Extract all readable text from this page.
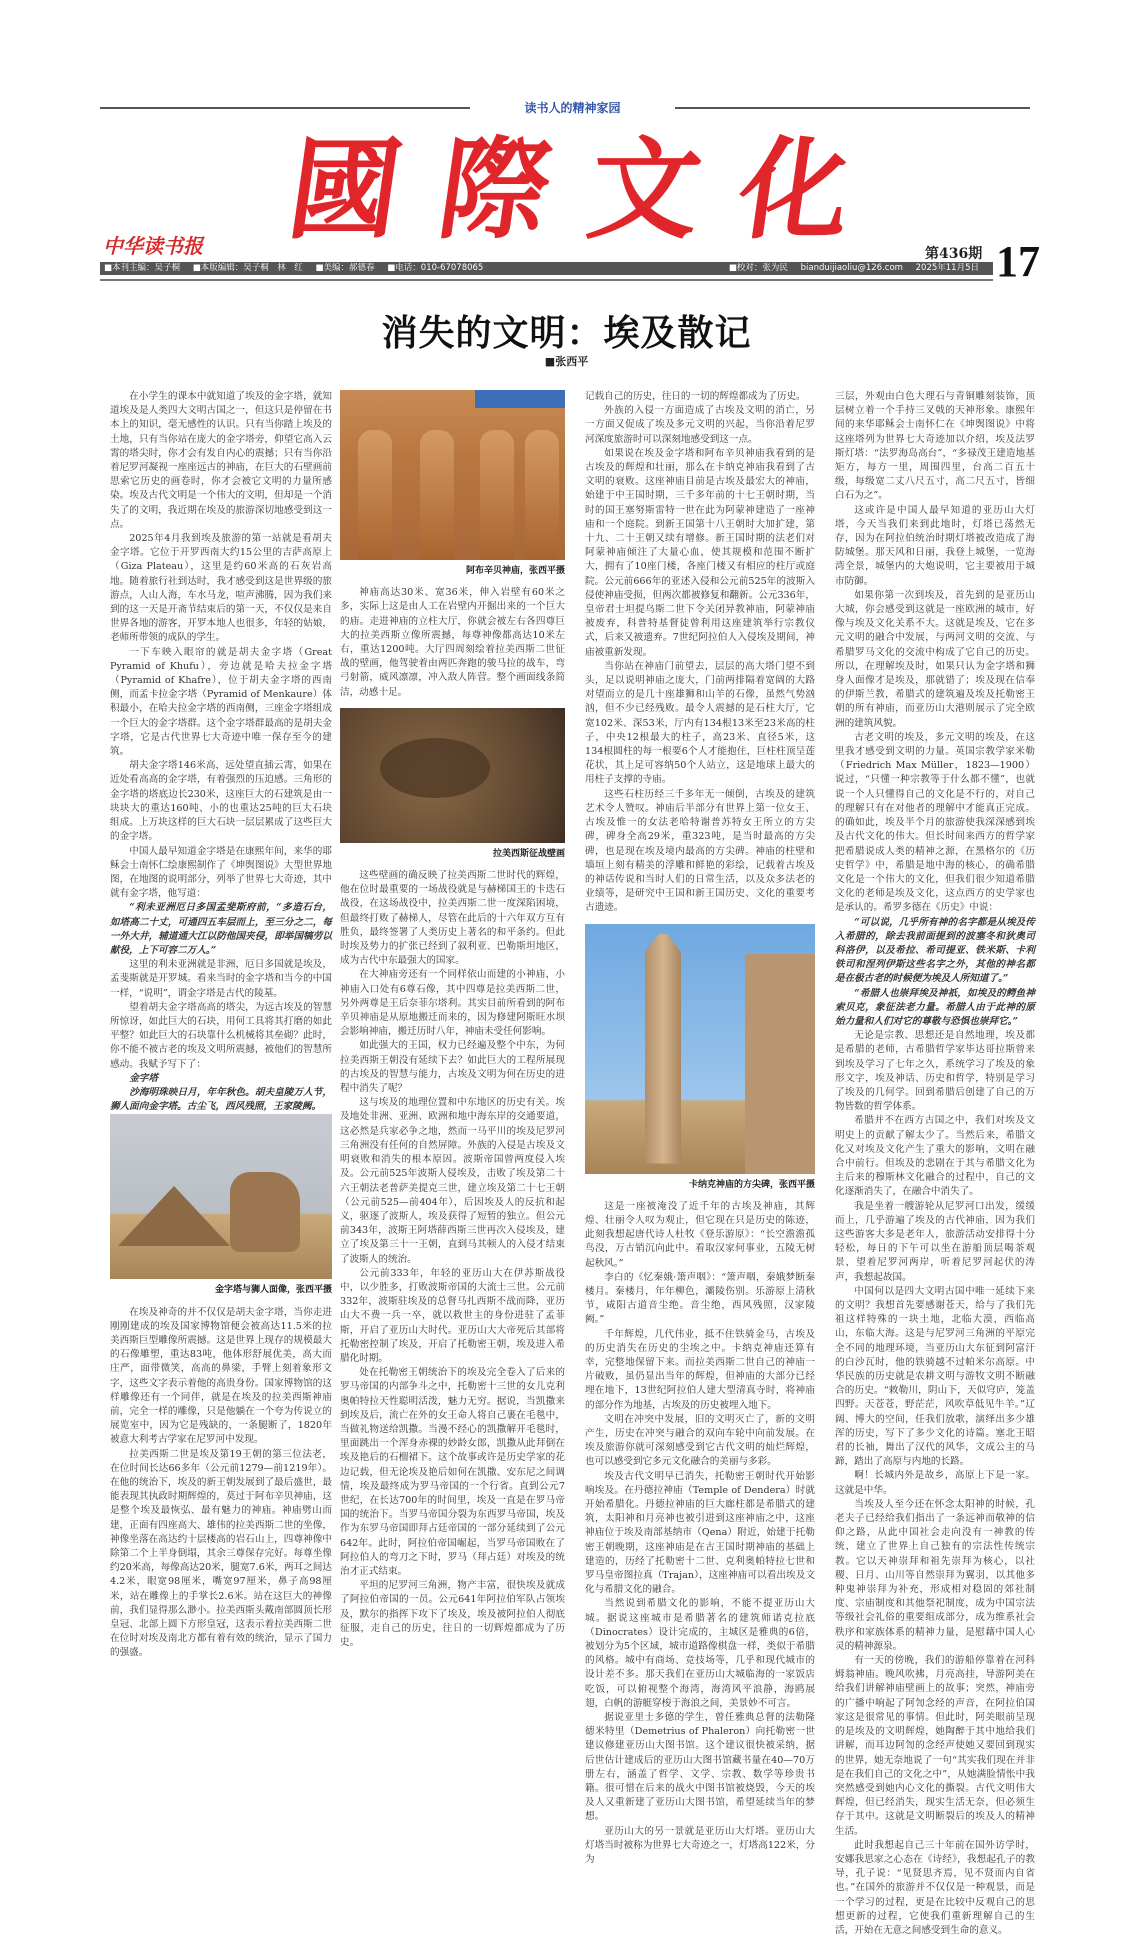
读书人的精神家园
國 際 文 化
中华读书报	第436期 17
■本刊主编：吴子桐 ■本版编辑：吴子桐　林　红 ■美编：郝德春 ■电话：010-67078065	■校对：张为民 bianduijiaoliu@126.com 2025年11月5日
消失的文明：埃及散记
■张西平

在小学生的课本中就知道了埃及的金字塔，就知道埃及是人类四大文明古国之一，但这只是停留在书本上的知识，毫无感性的认识。只有当你踏上埃及的土地，只有当你站在庞大的金字塔旁，仰望它高入云霄的塔尖时，你才会有发自内心的震撼；只有当你沿着尼罗河凝视一座座远古的神庙，在巨大的石壁画前思索它历史的画卷时，你才会被它文明的力量所感染。埃及古代文明是一个伟大的文明，但却是一个消失了的文明，我近期在埃及的旅游深切地感受到这一点。

2025年4月我到埃及旅游的第一站就是看胡夫金字塔。它位于开罗西南大约15公里的吉萨高原上（Giza Plateau），这里是约60米高的石灰岩高地。随着旅行社到达时，我才感受到这是世界级的旅游点，人山人海，车水马龙，喧声沸腾，因为我们来到的这一天是开斋节结束后的第一天，不仅仅是来自世界各地的游客，开罗本地人也很多，年轻的姑娘，老师所带领的成队的学生。

一下车映入眼帘的就是胡夫金字塔（Great Pyramid of Khufu），旁边就是哈夫拉金字塔（Pyramid of Khafre），位于胡夫金字塔的西南侧，而孟卡拉金字塔（Pyramid of Menkaure）体积最小，在哈夫拉金字塔的西南侧，三座金字塔组成一个巨大的金字塔群。这个金字塔群最高的是胡夫金字塔，它是古代世界七大奇迹中唯一保存至今的建筑。

胡夫金字塔146米高，远处望直插云霄，如果在近处看高高的金字塔，有着强烈的压迫感。三角形的金字塔的塔底边长230米，这座巨大的石建筑是由一块块大的重达160吨、小的也重达25吨的巨大石块组成。上万块这样的巨大石块一层层累成了这些巨大的金字塔。

中国人最早知道金字塔是在康熙年间，来华的耶稣会士南怀仁绘康熙制作了《坤舆图说》大型世界地图，在地图的说明部分，列举了世界七大奇迹，其中就有金字塔，他写道：

“利未亚洲厄日多国孟斐斯府前，“多造石台，如塔高二十丈，可通四五车层而上，至三分之二，每一外大井，辅道通大江以防他国夹侵，即举国犒劳以献役，上下可容二万人。”

这里的利未亚洲就是非洲，厄日多国就是埃及，孟斐斯就是开罗城。看来当时的金字塔和当今的中国一样，“说明”，谓金字塔是古代的陵墓。

望着胡夫金字塔高高的塔尖，为远古埃及的智慧所惊讶，如此巨大的石块，用何工具将其打磨的如此平整？如此巨大的石块靠什么机械将其垒砌？此时，你不能不被古老的埃及文明所震撼，被他们的智慧所感动。我赋予写下了：

金字塔

沙海明珠映日月，年年秋色。胡夫皇陵万人节，狮人面向金字塔。古尘飞，西风残照，王家陵阙。

金字塔与狮人面像，张西平摄

在埃及神奇的并不仅仅是胡夫金字塔，当你走进刚刚建成的埃及国家博物馆便会被高达11.5米的拉美西斯巨型雕像所震撼。这是世界上现存的规模最大的石像雕塑，重达83吨，他体形舒展优美，高大而庄严，面带微笑，高高的鼻梁，手臂上刻着象形文字，这些文字表示着他的高贵身份。国家博物馆的这样雕像还有一个同伴，就是在埃及的拉美西斯神庙前，完全一样的雕像，只是他躺在一个夸为传说立的展览室中，因为它是残缺的，一条腿断了，1820年被意大利考古学家在尼罗河中发现。

拉美西斯二世是埃及第19王朝的第三位法老，在位时间长达66多年（公元前1279—前1219年）。在他的统治下，埃及的新王朝发展到了最后盛世，最能表现其执政时期辉煌的，莫过于阿布辛贝神庙，这是整个埃及最恢弘、最有魅力的神庙。神庙劈山而建，正面有四座高大、雄伟的拉美西斯二世的坐像，神像坐落在高达约十层楼高的岩石山上，四尊神像中除第二个上半身倒塌，其余三尊保存完好。每尊坐像约20米高，每像高达20米，腿宽7.6米，两耳之间达4.2米，眼宽98厘米，嘴宽97厘米，鼻子高98厘米，站在雕像上的手掌长2.6米。站在这巨大的神像前，我们显得那么渺小。拉美西斯头戴南部圆顶长形皇冠、北部上圆下方形皇冠，这表示着拉美西斯二世在位时对埃及南北方都有着有效的统治，显示了国力的强盛。

阿布辛贝神庙，张西平摄

神庙高达30米、宽36米，伸入岩壁有60米之多，实际上这是由人工在岩壁内开掘出来的一个巨大的庙。走进神庙的立柱大厅，你就会被左右各四尊巨大的拉美西斯立像所震撼，每尊神像都高达10米左右，重达1200吨。大厅四周刻绘着拉美西斯二世征战的壁画，他驾驶着由两匹奔跑的骏马拉的战车，弯弓射箭，威风凛凛，冲入敌人阵营。整个画面线条简洁，动感十足。

拉美西斯征战壁画

这些壁画的确反映了拉美西斯二世时代的辉煌，他在位时最重要的一场战役就是与赫梯国王的卡迭石战役，在这场战役中，拉美西斯二世一度深陷困境，但最终打败了赫梯人，尽管在此后的十六年双方互有胜负，最终签署了人类历史上著名的和平条约。但此时埃及势力的扩张已经到了叙利亚、巴勒斯坦地区，成为古代中东最强大的国家。

在大神庙旁还有一个同样依山而建的小神庙，小神庙入口处有6尊石像，其中四尊是拉美西斯二世，另外两尊是王后奈菲尔塔利。其实目前所看到的阿布辛贝神庙是从原地搬迁而来的，因为修建阿斯旺水坝会影响神庙，搬迁历时八年，神庙未受任何影响。

如此强大的王国，权力已经遍及整个中东，为何拉美西斯王朝没有延续下去？如此巨大的工程所展现的古埃及的智慧与能力，古埃及文明为何在历史的进程中消失了呢？

这与埃及的地理位置和中东地区的历史有关。埃及地处非洲、亚洲、欧洲和地中海东岸的交通要道，这必然是兵家必争之地，然而一马平川的埃及尼罗河三角洲没有任何的自然屏障。外族的入侵是古埃及文明衰败和消失的根本原因。波斯帝国曾两度侵入埃及。公元前525年波斯人侵埃及，击败了埃及第二十六王朝法老普萨美提克三世，建立埃及第二十七王朝（公元前525—前404年），后因埃及人的反抗和起义，驱逐了波斯人，埃及获得了短暂的独立。但公元前343年，波斯王阿塔薛西斯三世再次入侵埃及，建立了埃及第三十一王朝，直到马其顿人的入侵才结束了波斯人的统治。

公元前333年，年轻的亚历山大在伊苏斯战役中，以少胜多，打败波斯帝国的大流士三世。公元前332年，波斯驻埃及的总督马扎西斯不战而降，亚历山大不费一兵一卒，就以救世主的身份进驻了孟菲斯，开启了亚历山大时代。亚历山大大帝死后其部将托勒密控制了埃及，开启了托勒密王朝，埃及进入希腊化时期。

处在托勒密王朝统治下的埃及完全卷入了后来的罗马帝国的内部争斗之中，托勒密十三世的女儿克利奥帕特拉天性聪明活泼，魅力无穷。据说，当凯撒来到埃及后，流亡在外的女王命人将自己裹在毛毯中，当做礼物送给凯撒。当漫不经心的凯撒解开毛毯时，里面跳出一个浑身赤裸的妙龄女郎，凯撒从此拜倒在埃及艳后的石榴裙下。这个故事或许是历史学家的花边记载，但无论埃及艳后如何在凯撒、安东尼之间调情，埃及最终成为罗马帝国的一个行省。直到公元7世纪，在长达700年的时间里，埃及一直是在罗马帝国的统治下。当罗马帝国分裂为东西罗马帝国，埃及作为东罗马帝国即拜占廷帝国的一部分延续到了公元642年。此时，阿拉伯帝国崛起，当罗马帝国败在了阿拉伯人的弯刀之下时，罗马（拜占廷）对埃及的统治才正式结束。

平坦的尼罗河三角洲，物产丰富，很快埃及就成了阿拉伯帝国的一员。公元641年阿拉伯军队占领埃及，默尔的指挥下攻下了埃及，埃及被阿拉伯人彻底征服，走自己的历史，往日的一切辉煌都成为了历史。

记载自己的历史，往日的一切的辉煌都成为了历史。

外族的入侵一方面造成了古埃及文明的消亡，另一方面又促成了埃及多元文明的兴起，当你沿着尼罗河深度旅游时可以深刻地感受到这一点。

如果说在埃及金字塔和阿布辛贝神庙我看到的是古埃及的辉煌和壮丽，那么在卡纳克神庙我看到了古文明的衰败。这座神庙目前是古埃及最宏大的神庙，始建于中王国时期，三千多年前的十七王朝时期，当时的国王塞努斯雷特一世在此为阿蒙神建造了一座神庙和一个庭院。到新王国第十八王朝时大加扩建，第十九、二十王朝又续有增修。新王国时期的法老们对阿蒙神庙倾注了大量心血，使其规模和范围不断扩大，拥有了10座门楼，各座门楼又有相应的柱厅或庭院。公元前666年的亚述入侵和公元前525年的波斯入侵使神庙受损，但两次都被修复和翻新。公元336年，皇帝君士坦提乌斯二世下令关闭异教神庙，阿蒙神庙被废弃，科普特基督徒曾利用这座建筑举行宗教仪式，后来又被遗弃。7世纪阿拉伯人入侵埃及期间，神庙被重新发现。

当你站在神庙门前望去，层层的高大塔门望不到头，足以说明神庙之庞大，门前两排隔着宽阔的大路对望而立的是几十座雄狮和山羊的石像，虽然气势汹汹，但不少已经残败。最令人震撼的是石柱大厅，它宽102米、深53米，厅内有134根13米至23米高的柱子，中央12根最大的柱子，高23米、直径5米，这134根圆柱的每一根要6个人才能抱住，巨柱柱顶呈莲花状，其上足可容纳50个人站立，这是地球上最大的用柱子支撑的寺庙。

这些石柱历经三千多年无一倾倒，古埃及的建筑艺术令人赞叹。神庙后半部分有世界上第一位女王、古埃及惟一的女法老哈特谢普苏特女王所立的方尖碑，碑身全高29米，重323吨，是当时最高的方尖碑，也是现在埃及境内最高的方尖碑。神庙的柱壁和墙垣上刻有精美的浮雕和鲜艳的彩绘，记载着古埃及的神话传说和当时人们的日常生活，以及众多法老的业绩等，是研究中王国和新王国历史、文化的重要考古遗迹。

卡纳克神庙的方尖碑，张西平摄

这是一座被淹没了近千年的古埃及神庙，其辉煌、壮丽令人叹为观止，但它现在只是历史的陈迹，此刻我想起唐代诗人杜牧《登乐游原》：“长空澹澹孤鸟没，万古销沉向此中。看取汉家何事业，五陵无树起秋风。”

李白的《忆秦娥·箫声咽》：“箫声咽，秦娥梦断秦楼月。秦楼月，年年柳色，灞陵伤别。乐游原上清秋节，咸阳古道音尘绝。音尘绝，西风残照，汉家陵阙。”

千年辉煌，几代伟业，抵不住铁骑金马，古埃及的历史消失在历史的尘埃之中。卡纳克神庙还算有幸，完整地保留下来。而拉美西斯二世自己的神庙一片破败，虽仍显出当年的辉煌，但神庙的大部分已经埋在地下，13世纪阿拉伯人建大型清真寺时，将神庙的部分作为地基，古埃及的历史被埋入地下。

文明在冲突中发展，旧的文明灭亡了，新的文明产生，历史在冲突与融合的双向车轮中向前发展。在埃及旅游你就可深刻感受到它古代文明的灿烂辉煌，也可以感受到它多元文化融合的美丽与多彩。

埃及古代文明早已消失，托勒密王朝时代开始影响埃及。在丹德拉神庙（Temple of Dendera）时就开始希腊化。丹德拉神庙的巨大廊柱都是希腊式的建筑，太阳神和月亮神也被引进到这座神庙之中，这座神庙位于埃及南部基纳市（Qena）附近，始建于托勒密王朝晚期，这座神庙是在古王国时期神庙的基础上建造的，历经了托勒密十二世、克利奥帕特拉七世和罗马皇帝图拉真（Trajan），这座神庙可以看出埃及文化与希腊文化的融合。

当然说到希腊文化的影响，不能不提亚历山大城。据说这座城市是希腊著名的建筑师诺克拉底（Dinocrates）设计完成的，主城区是雅典的6倍，被划分为5个区域，城市道路像棋盘一样，类似于希腊的风格。城中有商场、竞技场等，几乎和现代城市的设计差不多。那天我们在亚历山大城临海的一家饭店吃饭，可以俯视整个海湾，海湾风平浪静，海鸥展翅，白帆的游艇穿梭于海浪之间，美景妙不可言。

据说亚里士多德的学生，曾任雅典总督的法勒隆德米特里（Demetrius of Phaleron）向托勒密一世建议修建亚历山大图书馆。这个建议很快被采纳，据后世估计建成后的亚历山大图书馆藏书量在40—70万册左右，涵盖了哲学、文学、宗教、数学等珍贵书籍。很可惜在后来的战火中图书馆被烧毁，今天的埃及人又重新建了亚历山大图书馆，希望延续当年的梦想。

亚历山大的另一景就是亚历山大灯塔。亚历山大灯塔当时被称为世界七大奇迹之一，灯塔高122米，分为

三层，外观由白色大理石与青铜雕刻装饰，顶层树立着一个手持三叉戟的天神形象。康熙年间的来华耶稣会士南怀仁在《坤舆图说》中将这座塔列为世界七大奇迹加以介绍，埃及法罗斯灯塔：“法罗海岛高台”，“多禄茂王建造地基矩方，每方一里，周围四里，台高二百五十级，每级宽二丈八尺五寸，高二尺五寸，皆细白石为之”。

这或许是中国人最早知道的亚历山大灯塔，今天当我们来到此地时，灯塔已荡然无存，因为在阿拉伯统治时期灯塔被改造成了海防城堡。那天风和日丽，我登上城堡，一览海湾全景，城堡内的大炮说明，它主要被用于城市防御。

如果你第一次到埃及，首先到的是亚历山大城，你会感受到这就是一座欧洲的城市，好像与埃及文化关系不大。这就是埃及，它在多元文明的融合中发展，与两河文明的交流、与希腊罗马文化的交流中构成了它自己的历史。所以，在理解埃及时，如果只认为金字塔和狮身人面像才是埃及，那就错了；埃及现在信奉的伊斯兰教，希腊式的建筑遍及埃及托勒密王朝的所有神庙，而亚历山大港则展示了完全欧洲的建筑风貌。

古老文明的埃及，多元文明的埃及，在这里我才感受到文明的力量。英国宗教学家米勒（Friedrich Max Müller，1823—1900）说过，“只懂一种宗教等于什么都不懂”，也就说一个人只懂得自己的文化是不行的，对自己的理解只有在对他者的理解中才能真正完成。的确如此，埃及半个月的旅游使我深深感到埃及古代文化的伟大。但长时间来西方的哲学家把希腊说成人类的精神之源，在黑格尔的《历史哲学》中，希腊是地中海的核心，的确希腊文化是一个伟大的文化，但我们很少知道希腊文化的老师是埃及文化，这点西方的史学家也是承认的。希罗多德在《历史》中说：

“可以说，几乎所有神的名字都是从埃及传入希腊的，除去我前面提到的波塞冬和狄奥司科洛伊，以及希拉、希司提亚、铁米斯、卡利铁司和涅列伊斯这些名字之外，其他的神名都是在极古老的时候便为埃及人所知道了。”

“希腊人也崇拜埃及神祇，如埃及的鳄鱼神索贝克，象征法老力量。希腊人由于此神的原始力量和人们对它的尊敬与恐惧也崇拜它。”

无论是宗教、思想还是自然地理，埃及都是希腊的老师，古希腊哲学家毕达哥拉斯曾来到埃及学习了七年之久，系统学习了埃及的象形文字，埃及神话、历史和哲学，特别是学习了埃及的几何学。回到希腊后创建了自己的万物皆数的哲学体系。

希腊并不在西方古国之中，我们对埃及文明史上的贡献了解太少了。当然后来，希腊文化又对埃及文化产生了重大的影响，文明在融合中前行。但埃及的悲剧在于其与希腊文化为主后来的穆斯林文化融合的过程中，自己的文化逐渐消失了，在融合中消失了。

我是坐着一艘游轮从尼罗河口出发，缓缓而上，几乎游遍了埃及的古代神庙，因为我们这些游客大多是老年人，旅游活动安排得十分轻松，每日的下午可以坐在游船顶层喝茶观景，望着尼罗河两岸，听着尼罗河起伏的涛声，我想起故国。

中国何以是四大文明古国中唯一延续下来的文明？我想首先要感谢苍天，给与了我们先祖这样特殊的一块土地，北临大漠，西临高山，东临大海。这是与尼罗河三角洲的平原完全不同的地理环境，当亚历山大东征到阿富汗的白沙瓦时，他的铁骑越不过帕米尔高原。中华民族的历史就是农耕文明与游牧文明不断融合的历史。“敕勒川，阴山下，天似穹庐，笼盖四野。天苍苍，野茫茫，风吹草低见牛羊。”辽阔、博大的空间，任我们放歌，演绎出多少雄浑的历史，写下了多少文化的诗篇。塞北王昭君的长袖，舞出了汉代的风华，文成公主的马蹄，踏出了高原与内地的长路。

啊！长城内外是故乡，高原上下是一家。这就是中华。

当埃及人至今还在怀念太阳神的时候，孔老夫子已经给我们指出了一条远神而敬神的信仰之路，从此中国社会走向没有一神教的传统，建立了世界上自己独有的宗法性传统宗教。它以天神崇拜和祖先崇拜为核心，以社稷、日月、山川等自然崇拜为翼羽，以其他多种鬼神崇拜为补充，形成相对稳固的郊社制度、宗庙制度和其他祭祀制度，成为中国宗法等级社会礼俗的重要组成部分，成为维系社会秩序和家族体系的精神力量，是慰藉中国人心灵的精神源泉。

有一天的傍晚，我们的游船停靠着在河科姆翁神庙。晚风吹拂，月亮高挂，导游阿美在给我们讲解神庙壁画上的故事；突然，神庙旁的广播中响起了阿訇念经的声音，在阿拉伯国家这是很常见的事情。但此时，阿美眼前呈现的是埃及的文明辉煌，她陶醉于其中地给我们讲解，而耳边阿訇的念经声使她又要回到现实的世界，她无奈地说了一句“其实我们现在并非是在我们自己的文化之中”，从她满脸情怅中我突然感受到她内心文化的撕裂。古代文明伟大辉煌，但已经消失，现实生活无奈，但必须生存于其中。这就是文明断裂后的埃及人的精神生活。

此时我想起自己三十年前在国外访学时，安娜我思家之心态在《诗经》，我想起孔子的教导，孔子说：“见贤思齐焉，见不贤而内自省也。”在国外的旅游并不仅仅是一种观景，而是一个学习的过程，更是在比较中反观自己的思想更新的过程，它使我们重新理解自己的生活，开始在无意之间感受到生命的意义。
